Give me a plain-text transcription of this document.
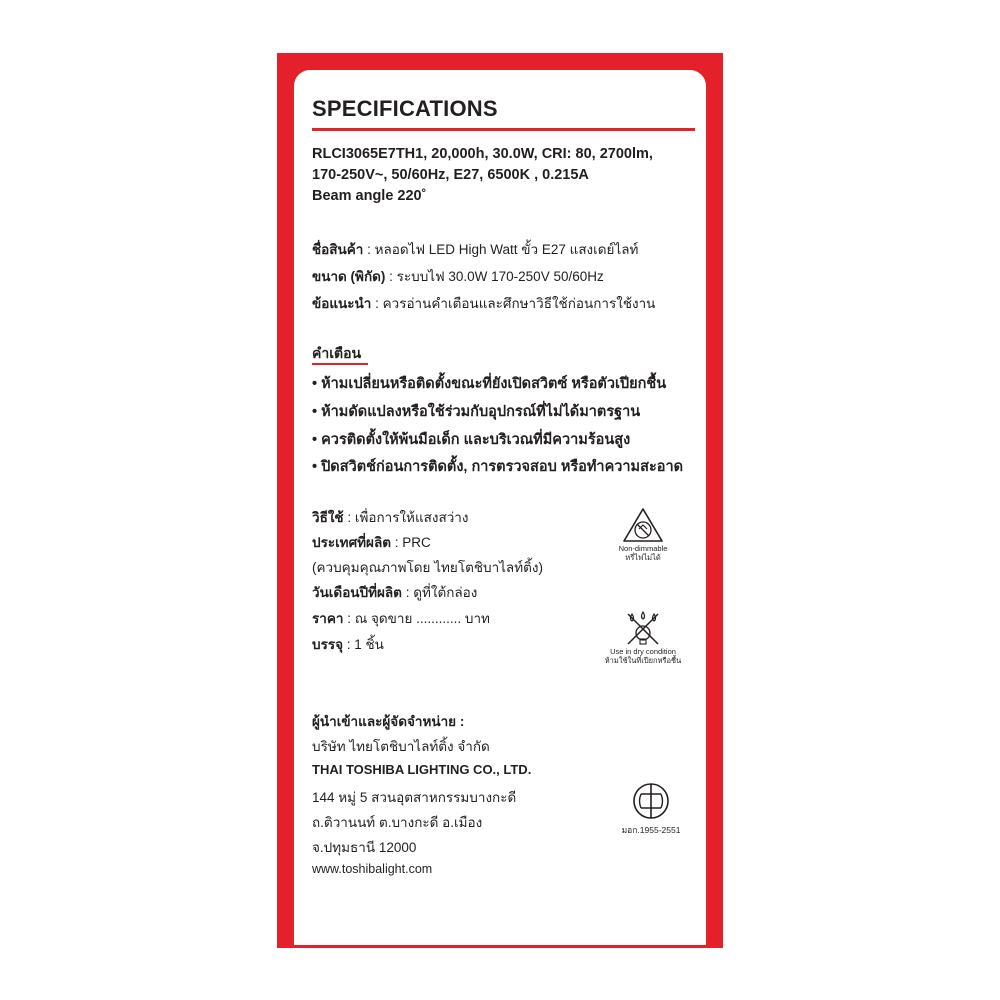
SPECIFICATIONS
RLCI3065E7TH1, 20,000h, 30.0W, CRI: 80, 2700lm,
170-250V~, 50/60Hz, E27, 6500K , 0.215A
Beam angle 220˚
ชื่อสินค้า : หลอดไฟ LED High Watt ขั้ว E27 แสงเดย์ไลท์
ขนาด (พิกัด) : ระบบไฟ 30.0W 170-250V 50/60Hz
ข้อแนะนำ : ควรอ่านคำเตือนและศึกษาวิธีใช้ก่อนการใช้งาน
คำเตือน
• ห้ามเปลี่ยนหรือติดตั้งขณะที่ยังเปิดสวิตซ์ หรือตัวเปียกชื้น
• ห้ามดัดแปลงหรือใช้ร่วมกับอุปกรณ์ที่ไม่ได้มาตรฐาน
• ควรติดตั้งให้พ้นมือเด็ก และบริเวณที่มีความร้อนสูง
• ปิดสวิตช์ก่อนการติดตั้ง, การตรวจสอบ หรือทำความสะอาด
วิธีใช้ : เพื่อการให้แสงสว่าง
ประเทศที่ผลิต : PRC
(ควบคุมคุณภาพโดย ไทยโตชิบาไลท์ติ้ง)
วันเดือนปีที่ผลิต : ดูที่ใต้กล่อง
ราคา : ณ จุดขาย ............ บาท
บรรจุ : 1 ชิ้น
Non-dimmable
หรี่ไฟไม่ได้
Use in dry condition
ห้ามใช้ในที่เปียกหรือชื้น
ผู้นำเข้าและผู้จัดจำหน่าย :
บริษัท ไทยโตชิบาไลท์ติ้ง จำกัด
THAI TOSHIBA LIGHTING CO., LTD.
144 หมู่ 5 สวนอุตสาหกรรมบางกะดี
ถ.ติวานนท์ ต.บางกะดี อ.เมือง
จ.ปทุมธานี 12000
www.toshibalight.com
มอก.1955-2551
